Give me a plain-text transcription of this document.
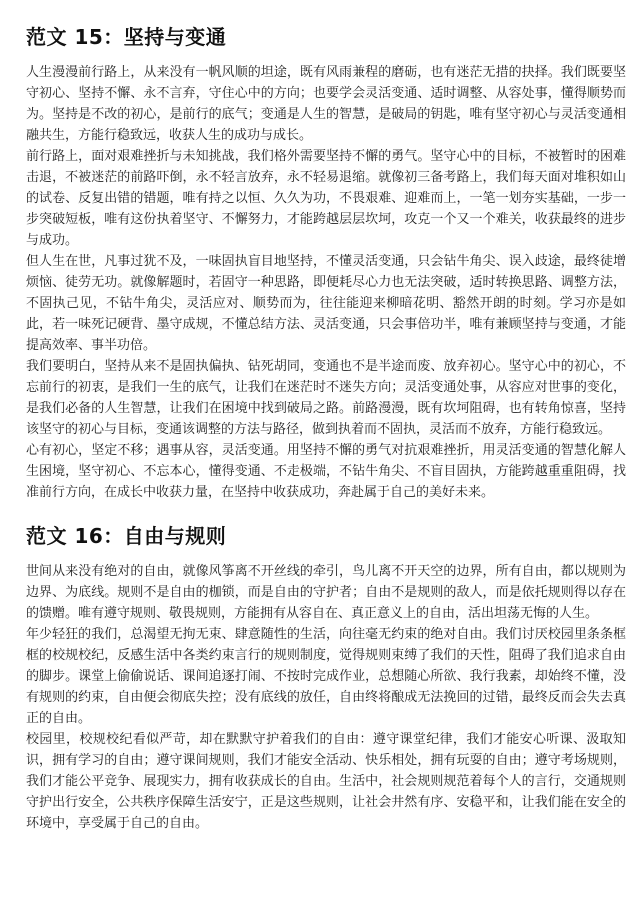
范文 15：坚持与变通

人生漫漫前行路上，从来没有一帆风顺的坦途，既有风雨兼程的磨砺，也有迷茫无措的抉择。我们既要坚守初心、坚持不懈、永不言弃，守住心中的方向；也要学会灵活变通、适时调整、从容处事，懂得顺势而为。坚持是不改的初心，是前行的底气；变通是人生的智慧，是破局的钥匙，唯有坚守初心与灵活变通相融共生，方能行稳致远，收获人生的成功与成长。

前行路上，面对艰难挫折与未知挑战，我们格外需要坚持不懈的勇气。坚守心中的目标，不被暂时的困难击退，不被迷茫的前路吓倒，永不轻言放弃，永不轻易退缩。就像初三备考路上，我们每天面对堆积如山的试卷、反复出错的错题，唯有持之以恒、久久为功，不畏艰难、迎难而上，一笔一划夯实基础，一步一步突破短板，唯有这份执着坚守、不懈努力，才能跨越层层坎坷，攻克一个又一个难关，收获最终的进步与成功。

但人生在世，凡事过犹不及，一味固执盲目地坚持，不懂灵活变通，只会钻牛角尖、误入歧途，最终徒增烦恼、徒劳无功。就像解题时，若固守一种思路，即便耗尽心力也无法突破，适时转换思路、调整方法，不固执己见，不钻牛角尖，灵活应对、顺势而为，往往能迎来柳暗花明、豁然开朗的时刻。学习亦是如此，若一味死记硬背、墨守成规，不懂总结方法、灵活变通，只会事倍功半，唯有兼顾坚持与变通，才能提高效率、事半功倍。

我们要明白，坚持从来不是固执偏执、钻死胡同，变通也不是半途而废、放弃初心。坚守心中的初心，不忘前行的初衷，是我们一生的底气，让我们在迷茫时不迷失方向；灵活变通处事，从容应对世事的变化，是我们必备的人生智慧，让我们在困境中找到破局之路。前路漫漫，既有坎坷阻碍，也有转角惊喜，坚持该坚守的初心与目标，变通该调整的方法与路径，做到执着而不固执，灵活而不放弃，方能行稳致远。

心有初心，坚定不移；遇事从容，灵活变通。用坚持不懈的勇气对抗艰难挫折，用灵活变通的智慧化解人生困境，坚守初心、不忘本心，懂得变通、不走极端，不钻牛角尖、不盲目固执，方能跨越重重阻碍，找准前行方向，在成长中收获力量，在坚持中收获成功，奔赴属于自己的美好未来。

范文 16：自由与规则

世间从来没有绝对的自由，就像风筝离不开丝线的牵引，鸟儿离不开天空的边界，所有自由，都以规则为边界、为底线。规则不是自由的枷锁，而是自由的守护者；自由不是规则的敌人，而是依托规则得以存在的馈赠。唯有遵守规则、敬畏规则，方能拥有从容自在、真正意义上的自由，活出坦荡无悔的人生。

年少轻狂的我们，总渴望无拘无束、肆意随性的生活，向往毫无约束的绝对自由。我们讨厌校园里条条框框的校规校纪，反感生活中各类约束言行的规则制度，觉得规则束缚了我们的天性，阻碍了我们追求自由的脚步。课堂上偷偷说话、课间追逐打闹、不按时完成作业，总想随心所欲、我行我素，却始终不懂，没有规则的约束，自由便会彻底失控；没有底线的放任，自由终将酿成无法挽回的过错，最终反而会失去真正的自由。

校园里，校规校纪看似严苛，却在默默守护着我们的自由：遵守课堂纪律，我们才能安心听课、汲取知识，拥有学习的自由；遵守课间规则，我们才能安全活动、快乐相处，拥有玩耍的自由；遵守考场规则，我们才能公平竞争、展现实力，拥有收获成长的自由。生活中，社会规则规范着每个人的言行，交通规则守护出行安全，公共秩序保障生活安宁，正是这些规则，让社会井然有序、安稳平和，让我们能在安全的环境中，享受属于自己的自由。
